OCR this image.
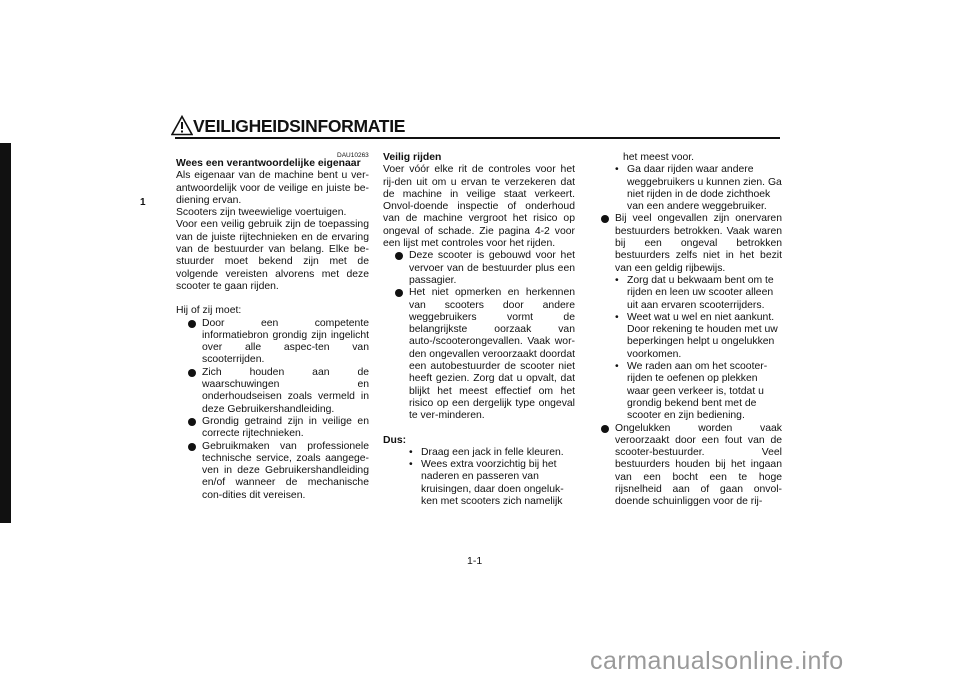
VEILIGHEIDSINFORMATIE
1
DAU10263

Wees een verantwoordelijke eigenaar

Als eigenaar van de machine bent u ver-antwoordelijk voor de veilige en juiste be-diening ervan.

Scooters zijn tweewielige voertuigen.

Voor een veilig gebruik zijn de toepassing van de juiste rijtechnieken en de ervaring van de bestuurder van belang. Elke be-stuurder moet bekend zijn met de volgende vereisten alvorens met deze scooter te gaan rijden.

Hij of zij moet:

Door een competente informatiebron grondig zijn ingelicht over alle aspec-ten van scooterrijden.
Zich houden aan de waarschuwingen en onderhoudseisen zoals vermeld in deze Gebruikershandleiding.
Grondig getraind zijn in veilige en correcte rijtechnieken.
Gebruikmaken van professionele technische service, zoals aangege-ven in deze Gebruikershandleiding en/of wanneer de mechanische con-dities dit vereisen.

Veilig rijden

Voer vóór elke rit de controles voor het rij-den uit om u ervan te verzekeren dat de machine in veilige staat verkeert. Onvol-doende inspectie of onderhoud van de machine vergroot het risico op ongeval of schade. Zie pagina 4-2 voor een lijst met controles voor het rijden.

Deze scooter is gebouwd voor het vervoer van de bestuurder plus een passagier.
Het niet opmerken en herkennen van scooters door andere weggebruikers vormt de belangrijkste oorzaak van auto-/scooterongevallen. Vaak wor-den ongevallen veroorzaakt doordat een autobestuurder de scooter niet heeft gezien. Zorg dat u opvalt, dat blijkt het meest effectief om het risico op een dergelijk type ongeval te ver-minderen.

Dus:

• Draag een jack in felle kleuren.
• Wees extra voorzichtig bij het naderen en passeren van kruisingen, daar doen ongeluk-ken met scooters zich namelijk

het meest voor.

• Ga daar rijden waar andere weggebruikers u kunnen zien. Ga niet rijden in de dode zichthoek van een andere weggebruiker.
Bij veel ongevallen zijn onervaren bestuurders betrokken. Vaak waren bij een ongeval betrokken bestuurders zelfs niet in het bezit van een geldig rijbewijs.
• Zorg dat u bekwaam bent om te rijden en leen uw scooter alleen uit aan ervaren scooterrijders.
• Weet wat u wel en niet aankunt. Door rekening te houden met uw beperkingen helpt u ongelukken voorkomen.
• We raden aan om het scooter-rijden te oefenen op plekken waar geen verkeer is, totdat u grondig bekend bent met de scooter en zijn bediening.
Ongelukken worden vaak veroorzaakt door een fout van de scooter-bestuurder. Veel bestuurders houden bij het ingaan van een bocht een te hoge rijsnelheid aan of gaan onvol-doende schuinliggen voor de rij-
1-1
carmanualsonline.info
